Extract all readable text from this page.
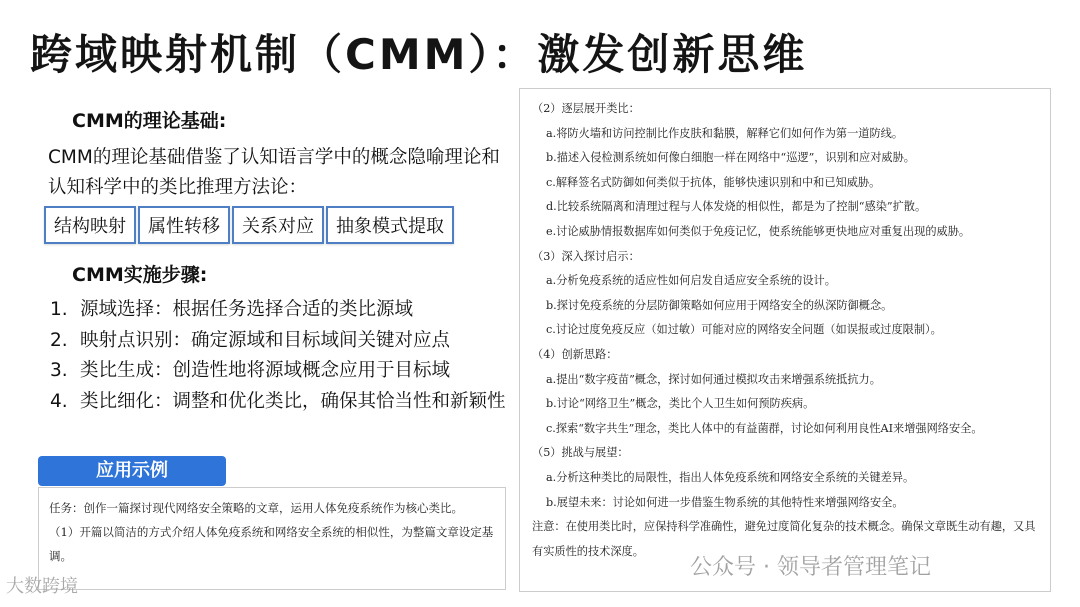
跨域映射机制（CMM）：激发创新思维
CMM的理论基础:
CMM的理论基础借鉴了认知语言学中的概念隐喻理论和认知科学中的类比推理方法论：
结构映射	属性转移	关系对应	抽象模式提取
CMM实施步骤:
1. 源域选择：根据任务选择合适的类比源域
2. 映射点识别：确定源域和目标域间关键对应点
3. 类比生成：创造性地将源域概念应用于目标域
4. 类比细化：调整和优化类比，确保其恰当性和新颖性
应用示例
任务：创作一篇探讨现代网络安全策略的文章，运用人体免疫系统作为核心类比。
（1）开篇以简洁的方式介绍人体免疫系统和网络安全系统的相似性，为整篇文章设定基调。
（2）逐层展开类比：
a.将防火墙和访问控制比作皮肤和黏膜，解释它们如何作为第一道防线。
b.描述入侵检测系统如何像白细胞一样在网络中“巡逻”，识别和应对威胁。
c.解释签名式防御如何类似于抗体，能够快速识别和中和已知威胁。
d.比较系统隔离和清理过程与人体发烧的相似性，都是为了控制“感染”扩散。
e.讨论威胁情报数据库如何类似于免疫记忆，使系统能够更快地应对重复出现的威胁。
（3）深入探讨启示：
a.分析免疫系统的适应性如何启发自适应安全系统的设计。
b.探讨免疫系统的分层防御策略如何应用于网络安全的纵深防御概念。
c.讨论过度免疫反应（如过敏）可能对应的网络安全问题（如误报或过度限制）。
（4）创新思路：
a.提出“数字疫苗”概念，探讨如何通过模拟攻击来增强系统抵抗力。
b.讨论“网络卫生”概念，类比个人卫生如何预防疾病。
c.探索“数字共生”理念，类比人体中的有益菌群，讨论如何利用良性AI来增强网络安全。
（5）挑战与展望：
a.分析这种类比的局限性，指出人体免疫系统和网络安全系统的关键差异。
b.展望未来：讨论如何进一步借鉴生物系统的其他特性来增强网络安全。
注意：在使用类比时，应保持科学准确性，避免过度简化复杂的技术概念。确保文章既生动有趣，又具有实质性的技术深度。
大数跨境
公众号 · 领导者管理笔记
